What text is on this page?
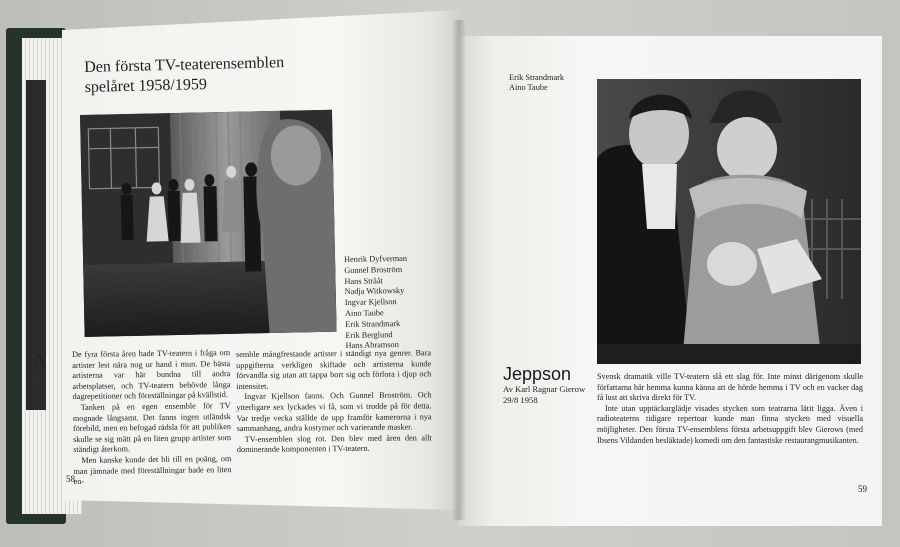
A
A
2
Den första TV-teaterensemblen
spelåret 1958/1959
Henrik Dyfverman
Gunnel Broström
Hans Strååt
Nadja Witkowsky
Ingvar Kjellson
Aino Taube
Erik Strandmark
Erik Berglund
Hans Abramson

De fyra första åren hade TV-teatern i fråga om artister lest nära nog ur hand i mun. De bästa artisterna var här bundna till andra arbetsplatser, och TV-teatern behövde långa dagrepetitioner och föreställningar på kvällstid.

Tanken på en egen ensemble för TV mognade långsamt. Det fanns ingen utländsk förebild, men en befogad rädsla för att publiken skulle se sig mätt på en liten grupp artister som ständigt återkom.

Men kanske kunde det bli till en poäng, om man jämnade med föreställningar hade en liten en-

semble mångfrestande artister i ständigt nya genrer. Bara uppgifterna verkligen skiftade och artisterna kunde förvandla sig utan att tappa bort sig och förlora i djup och intensitet.

Ingvar Kjellson fanns. Och Gunnel Broström. Och ytterligare sex lyckades vi få, som vi trodde på för detta. Var tredje vecka ställde de upp framför kamerorna i nya sammanhang, andra kostymer och varierande masker.

TV-ensemblen slog rot. Den blev med åren den allt dominerande komponenten i TV-teatern.

58
Erik Strandmark
Aino Taube
Jeppson
Av Karl Ragnar Gierow
29/8 1958

Svensk dramatik ville TV-teatern slå ett slag för. Inte minst därigenom skulle författarna här hemma kunna känna att de hörde hemma i TV och en vacker dag få lust att skriva direkt för TV.

Inte utan upptäckarglädje visades stycken som teatrarna lätit ligga. Även i radioteaterns tidigare repertoar kunde man finna stycken med visuella möjligheter. Den första TV-ensemblens första arbetsuppgift blev Gierows (med Ibsens Vildanden besläktade) komedi om den fantastiske restaurangmusikanten.

59
